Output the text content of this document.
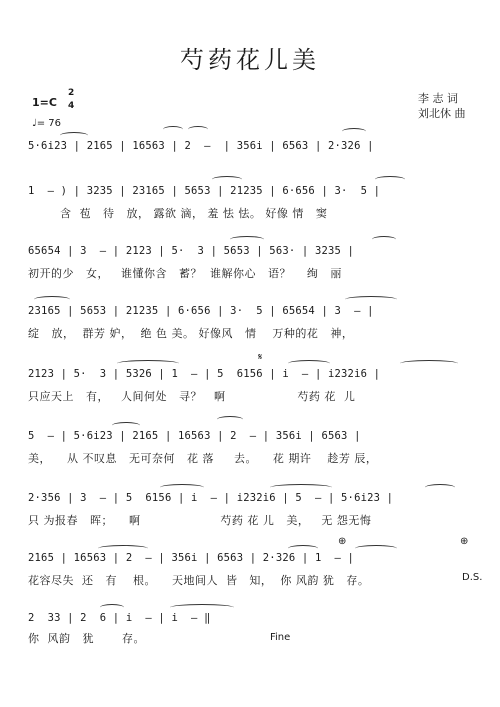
芍药花儿美
李 志 词
刘北休 曲
1=C
2
4
♩= 76
5·6i2̇3 | 2̇165 | 16563 | 2  –  | 356i | 6563 | 2·326 |
1  – ) | 3235 | 23165 | 5653 | 21235 | 6·656 | 3·  5 |
含  苞   待   放， 露欲 滴， 羞 怯 怯。 好像 情   窦
65654 | 3  – | 2123 | 5·  3 | 5653 | 563· | 3235 |
初开的少   女，   谁懂你含   蓄？  谁解你心   语？    绚   丽
23165 | 5653 | 21235 | 6·656 | 3·  5 | 65654 | 3  – |
绽   放，  群芳 妒，  绝 色 美。 好像风   情    万种的花   神，
2123 | 5·  3 | 5326 | 1  – | 5  6156 | i  – | i2̇3̇2̇i6 |
只应天上   有，   人间何处   寻？   啊                  芍药 花  儿
𝄋
5  – | 5·6i2̇3 | 2̇165 | 16563 | 2  – | 356i | 6563 |
美，    从 不叹息   无可奈何   花 落     去。    花 期许    趁芳 辰，
2·356 | 3  – | 5  6156 | i  – | i2̇3̇2̇i6 | 5  – | 5·6i2̇3 |
只 为报春   晖；    啊                    芍药 花 儿   美，   无 怨无悔
2̇165 | 16563 | 2  – | 356i | 6563 | 2·326 | 1  – |
花容尽失  还   有    根。    天地间人  皆   知，  你 风韵 犹   存。
⊕	⊕
D.S.
2  33 | 2  6 | i  – | i  – ‖
你  风韵   犹       存。	Fine
